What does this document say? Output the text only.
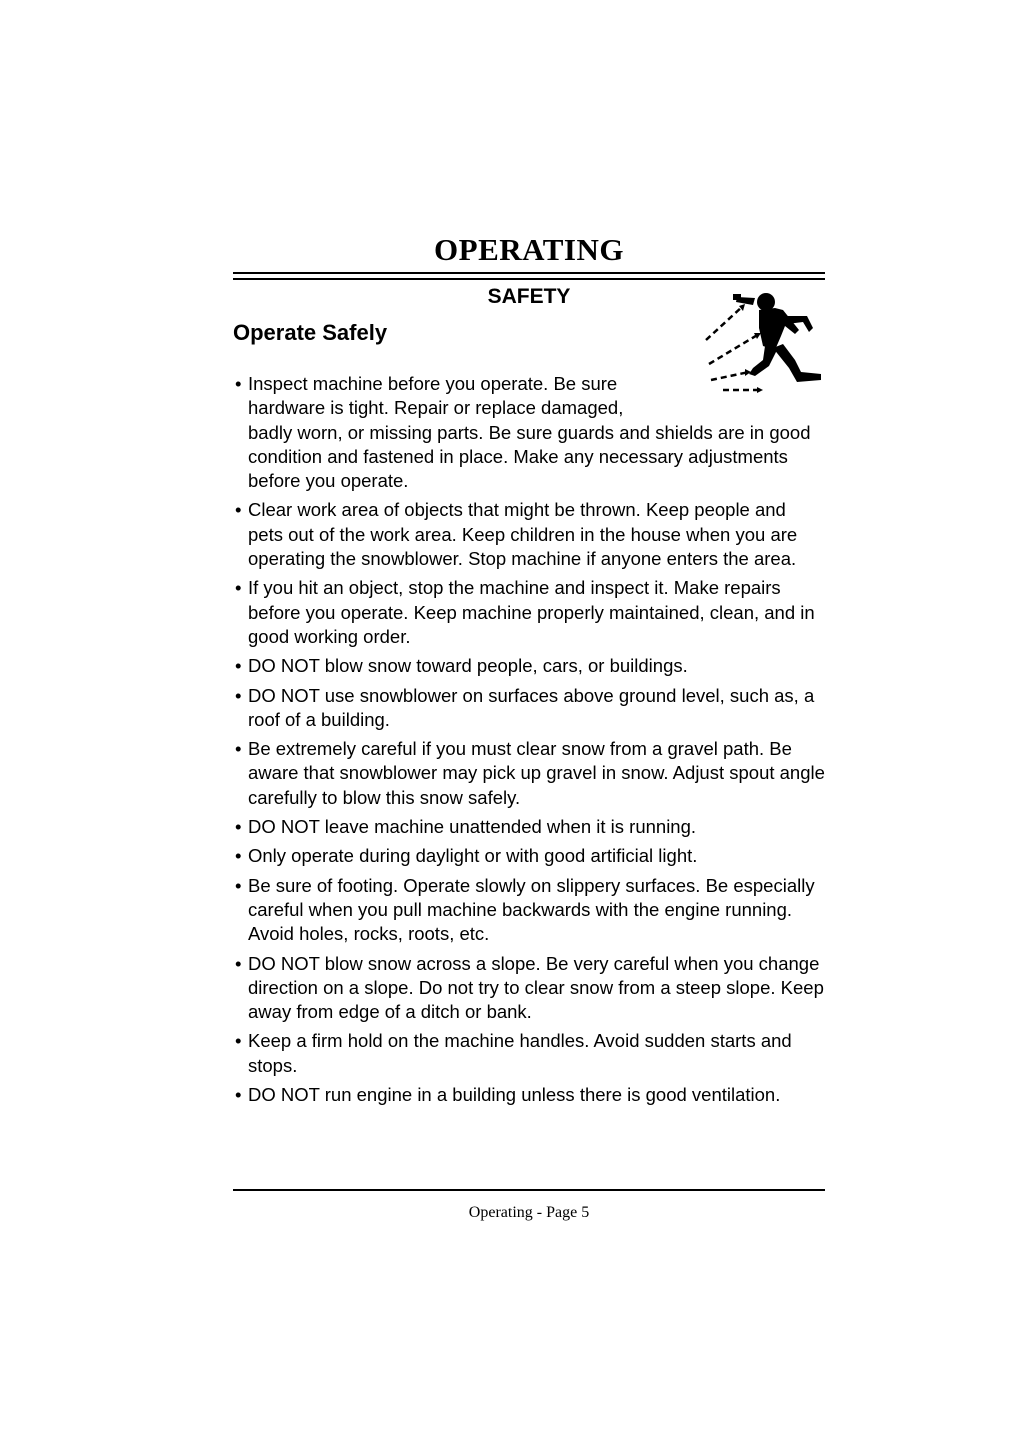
OPERATING
SAFETY
Operate Safely
• Inspect machine before you operate. Be sure hardware is tight. Repair or replace damaged, badly worn, or missing parts. Be sure guards and shields are in good condition and fastened in place. Make any necessary adjustments before you operate.
• Clear work area of objects that might be thrown. Keep people and pets out of the work area. Keep children in the house when you are operating the snowblower. Stop machine if anyone enters the area.
• If you hit an object, stop the machine and inspect it. Make repairs before you operate. Keep machine properly maintained, clean, and in good working order.
• DO NOT blow snow toward people, cars, or buildings.
• DO NOT use snowblower on surfaces above ground level, such as, a roof of a building.
• Be extremely careful if you must clear snow from a gravel path. Be aware that snowblower may pick up gravel in snow. Adjust spout angle carefully to blow this snow safely.
• DO NOT leave machine unattended when it is running.
• Only operate during daylight or with good artificial light.
• Be sure of footing. Operate slowly on slippery surfaces. Be especially careful when you pull machine backwards with the engine running. Avoid holes, rocks, roots, etc.
• DO NOT blow snow across a slope. Be very careful when you change direction on a slope. Do not try to clear snow from a steep slope. Keep away from edge of a ditch or bank.
• Keep a firm hold on the machine handles. Avoid sudden starts and stops.
• DO NOT run engine in a building unless there is good ventilation.

Operating - Page 5
